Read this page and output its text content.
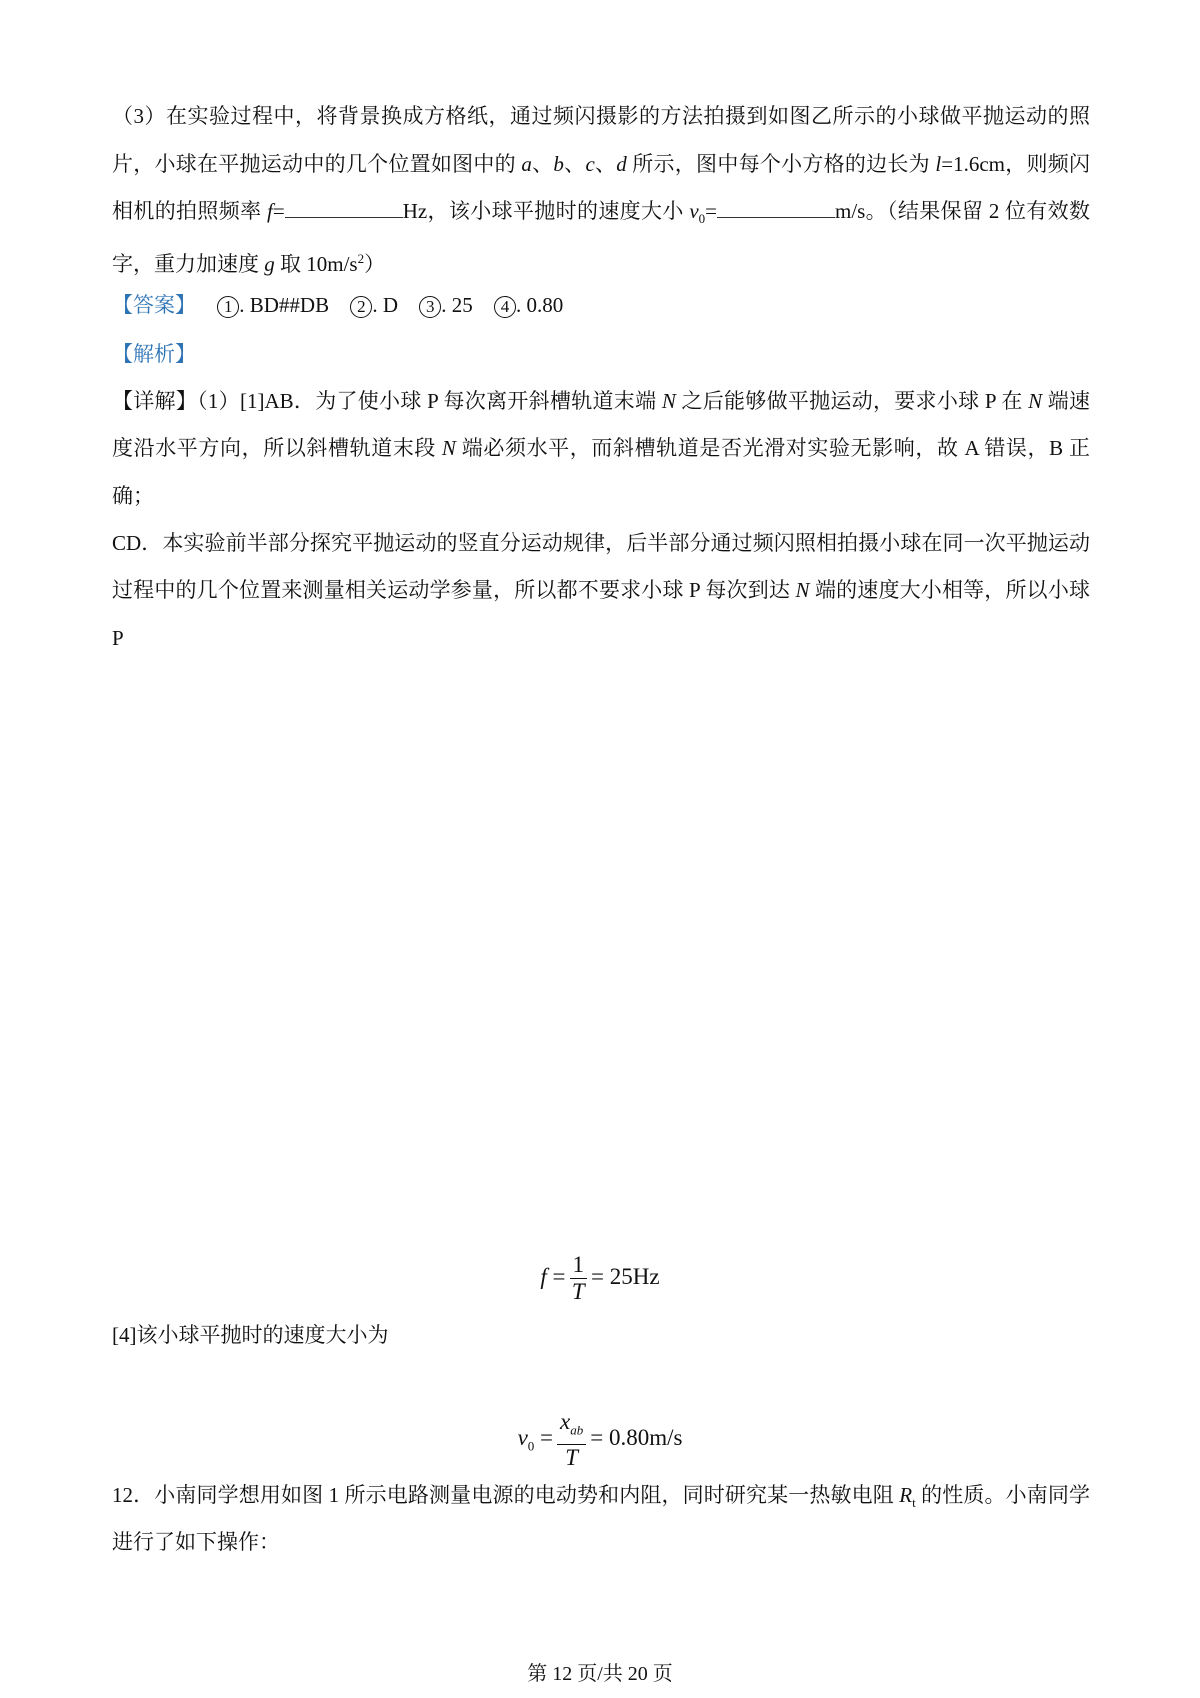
（3）在实验过程中，将背景换成方格纸，通过频闪摄影的方法拍摄到如图乙所示的小球做平抛运动的照
片，小球在平抛运动中的几个位置如图中的 a、b、c、d 所示，图中每个小方格的边长为 l=1.6cm，则频闪
相机的拍照频率 f=	Hz，该小球平抛时的速度大小 $v_0=$	m/s。（结果保留 2 位有效数
字，重力加速度 g 取 $10m/s^2$）
【答案】 1 . BD##DB 2 . D 3 . 25 4 . 0.80
【解析】
【详解】（1）[1]AB．为了使小球 P 每次离开斜槽轨道末端 N 之后能够做平抛运动，要求小球 P 在 N 端速
度沿水平方向，所以斜槽轨道末段 N 端必须水平，而斜槽轨道是否光滑对实验无影响，故 A 错误，B 正
确；
CD．本实验前半部分探究平抛运动的竖直分运动规律，后半部分通过频闪照相拍摄小球在同一次平抛运动
过程中的几个位置来测量相关运动学参量，所以都不要求小球 P 每次到达 N 端的速度大小相等，所以小球
P
$f = \frac{1}{T} = 25Hz$
[4]该小球平抛时的速度大小为
$v_0 = \frac{x_{ab}}{T} = 0.80m/s$
12．小南同学想用如图 1 所示电路测量电源的电动势和内阻，同时研究某一热敏电阻 $R_t$ 的性质。小南同学
进行了如下操作：
第 12 页/共 20 页
